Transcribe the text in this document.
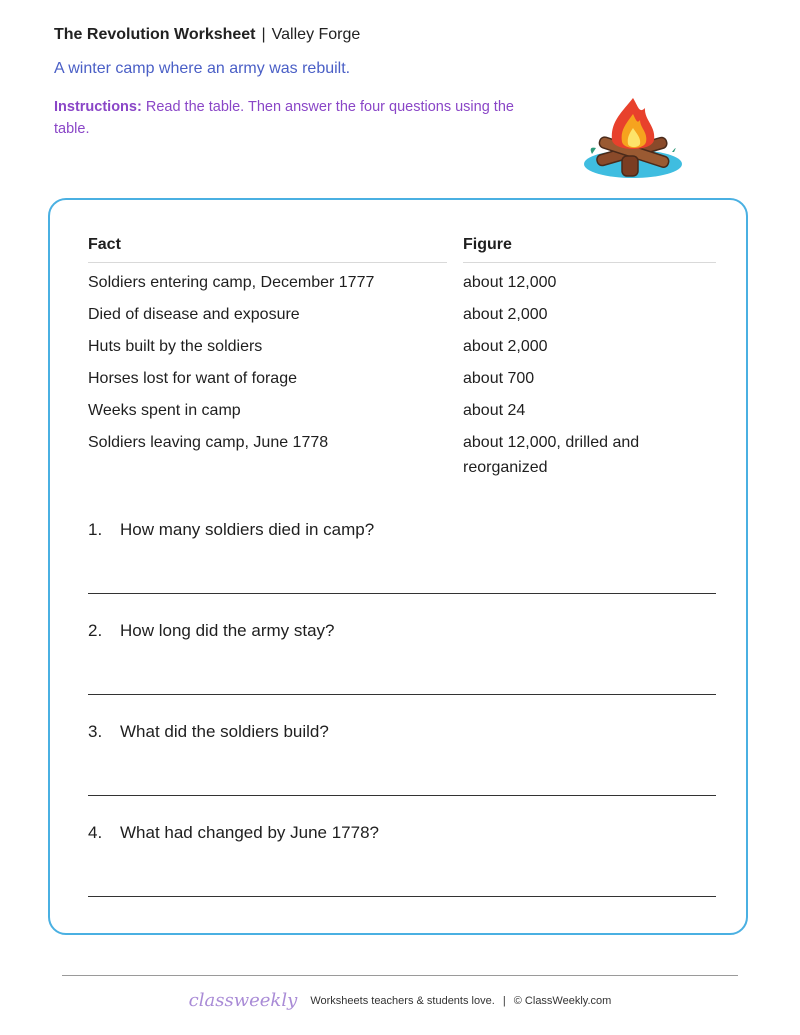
The Revolution Worksheet | Valley Forge
A winter camp where an army was rebuilt.
Instructions: Read the table. Then answer the four questions using the table.
Fact	Figure
Soldiers entering camp, December 1777	about 12,000
Died of disease and exposure	about 2,000
Huts built by the soldiers	about 2,000
Horses lost for want of forage	about 700
Weeks spent in camp	about 24
Soldiers leaving camp, June 1778	about 12,000, drilled and reorganized
1. How many soldiers died in camp?
2. How long did the army stay?
3. What did the soldiers build?
4. What had changed by June 1778?
classweekly Worksheets teachers & students love. | © ClassWeekly.com
